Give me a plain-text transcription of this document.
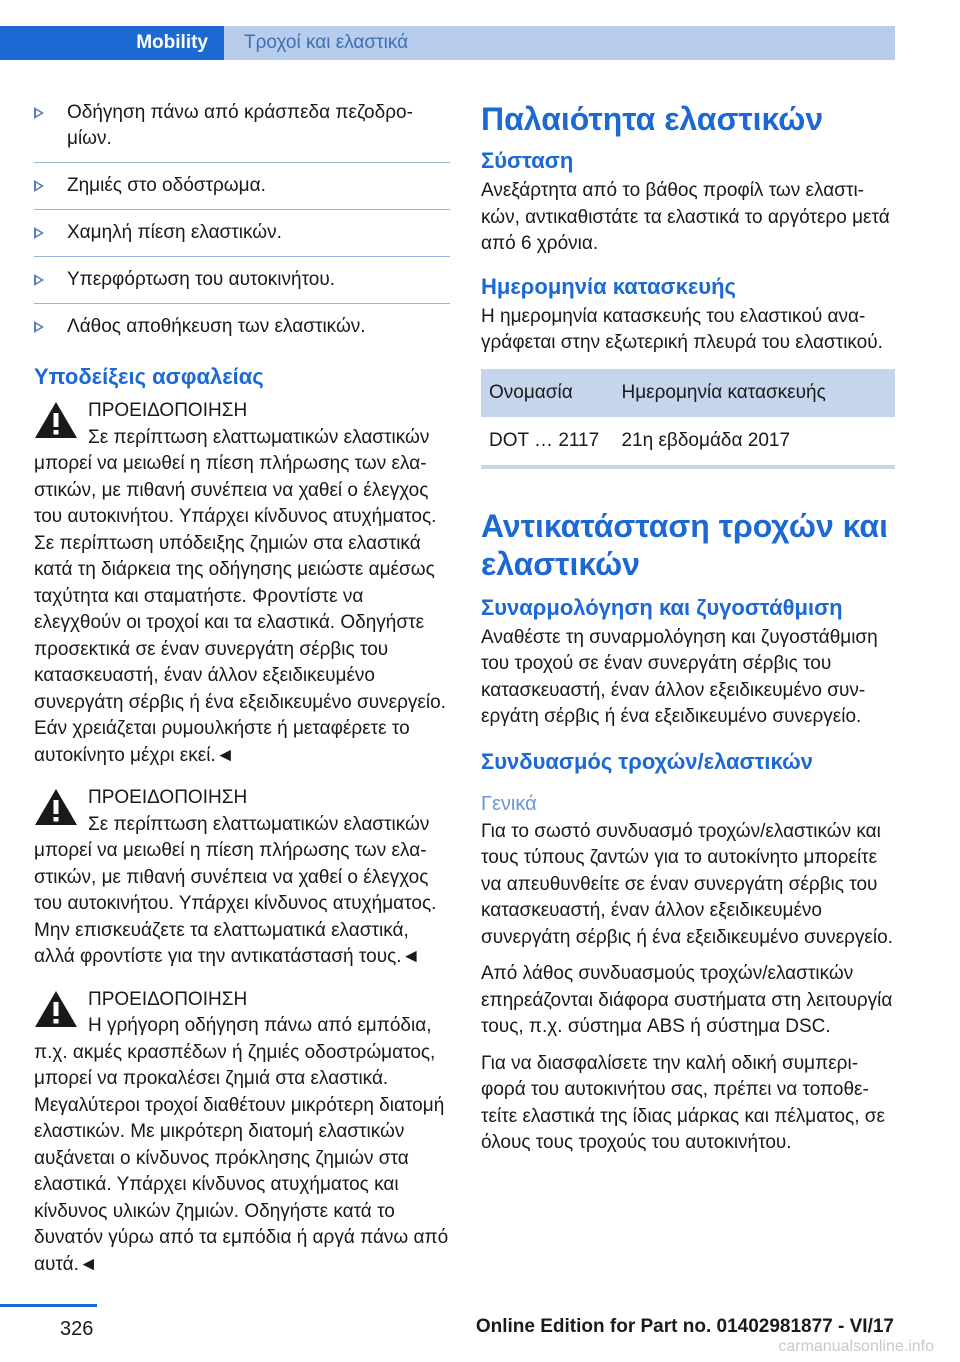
Mobility	Τροχοί και ελαστικά
Οδήγηση πάνω από κράσπεδα πεζοδρομίων.
Ζημιές στο οδόστρωμα.
Χαμηλή πίεση ελαστικών.
Υπερφόρτωση του αυτοκινήτου.
Λάθος αποθήκευση των ελαστικών.
Υποδείξεις ασφαλείας

ΠΡΟΕΙΔΟΠΟΙΗΣΗ
Σε περίπτωση ελαττωματικών ελαστικών μπορεί να μειωθεί η πίεση πλήρωσης των ελαστικών, με πιθανή συνέπεια να χαθεί ο έλεγχος του αυτοκινήτου. Υπάρχει κίνδυνος ατυχήματος. Σε περίπτωση υπόδειξης ζημιών στα ελαστικά κατά τη διάρκεια της οδήγησης μειώστε αμέσως ταχύτητα και σταματήστε. Φροντίστε να ελεγχθούν οι τροχοί και τα ελαστικά. Οδηγήστε προσεκτικά σε έναν συνεργάτη σέρβις του κατασκευαστή, έναν άλλον εξειδικευμένο συνεργάτη σέρβις ή ένα εξειδικευμένο συνεργείο. Εάν χρειάζεται ρυμουλκήστε ή μεταφέρετε το αυτοκίνητο μέχρι εκεί.◄

ΠΡΟΕΙΔΟΠΟΙΗΣΗ
Σε περίπτωση ελαττωματικών ελαστικών μπορεί να μειωθεί η πίεση πλήρωσης των ελαστικών, με πιθανή συνέπεια να χαθεί ο έλεγχος του αυτοκινήτου. Υπάρχει κίνδυνος ατυχήματος. Μην επισκευάζετε τα ελαττωματικά ελαστικά, αλλά φροντίστε για την αντικατάστασή τους.◄

ΠΡΟΕΙΔΟΠΟΙΗΣΗ
Η γρήγορη οδήγηση πάνω από εμπόδια, π.χ. ακμές κρασπέδων ή ζημιές οδοστρώματος, μπορεί να προκαλέσει ζημιά στα ελαστικά. Μεγαλύτεροι τροχοί διαθέτουν μικρότερη διατομή ελαστικών. Με μικρότερη διατομή ελαστικών αυξάνεται ο κίνδυνος πρόκλησης ζημιών στα ελαστικά. Υπάρχει κίνδυνος ατυχήματος και κίνδυνος υλικών ζημιών. Οδηγήστε κατά το δυνατόν γύρω από τα εμπόδια ή αργά πάνω από αυτά.◄

Παλαιότητα ελαστικών
Σύσταση

Ανεξάρτητα από το βάθος προφίλ των ελαστικών, αντικαθιστάτε τα ελαστικά το αργότερο μετά από 6 χρόνια.

Ημερομηνία κατασκευής

Η ημερομηνία κατασκευής του ελαστικού αναγράφεται στην εξωτερική πλευρά του ελαστικού.

Ονομασία	Ημερομηνία κατασκευής
DOT … 2117	21η εβδομάδα 2017
Αντικατάσταση τροχών και ελαστικών
Συναρμολόγηση και ζυγοστάθμιση

Αναθέστε τη συναρμολόγηση και ζυγοστάθμιση του τροχού σε έναν συνεργάτη σέρβις του κατασκευαστή, έναν άλλον εξειδικευμένο συνεργάτη σέρβις ή ένα εξειδικευμένο συνεργείο.

Συνδυασμός τροχών/ελαστικών
Γενικά

Για το σωστό συνδυασμό τροχών/ελαστικών και τους τύπους ζαντών για το αυτοκίνητο μπορείτε να απευθυνθείτε σε έναν συνεργάτη σέρβις του κατασκευαστή, έναν άλλον εξειδικευμένο συνεργάτη σέρβις ή ένα εξειδικευμένο συνεργείο.

Από λάθος συνδυασμούς τροχών/ελαστικών επηρεάζονται διάφορα συστήματα στη λειτουργία τους, π.χ. σύστημα ABS ή σύστημα DSC.

Για να διασφαλίσετε την καλή οδική συμπεριφορά του αυτοκινήτου σας, πρέπει να τοποθετείτε ελαστικά της ίδιας μάρκας και πέλματος, σε όλους τους τροχούς του αυτοκινήτου.

326	Online Edition for Part no. 01402981877 - VI/17
carmanualsonline.info
